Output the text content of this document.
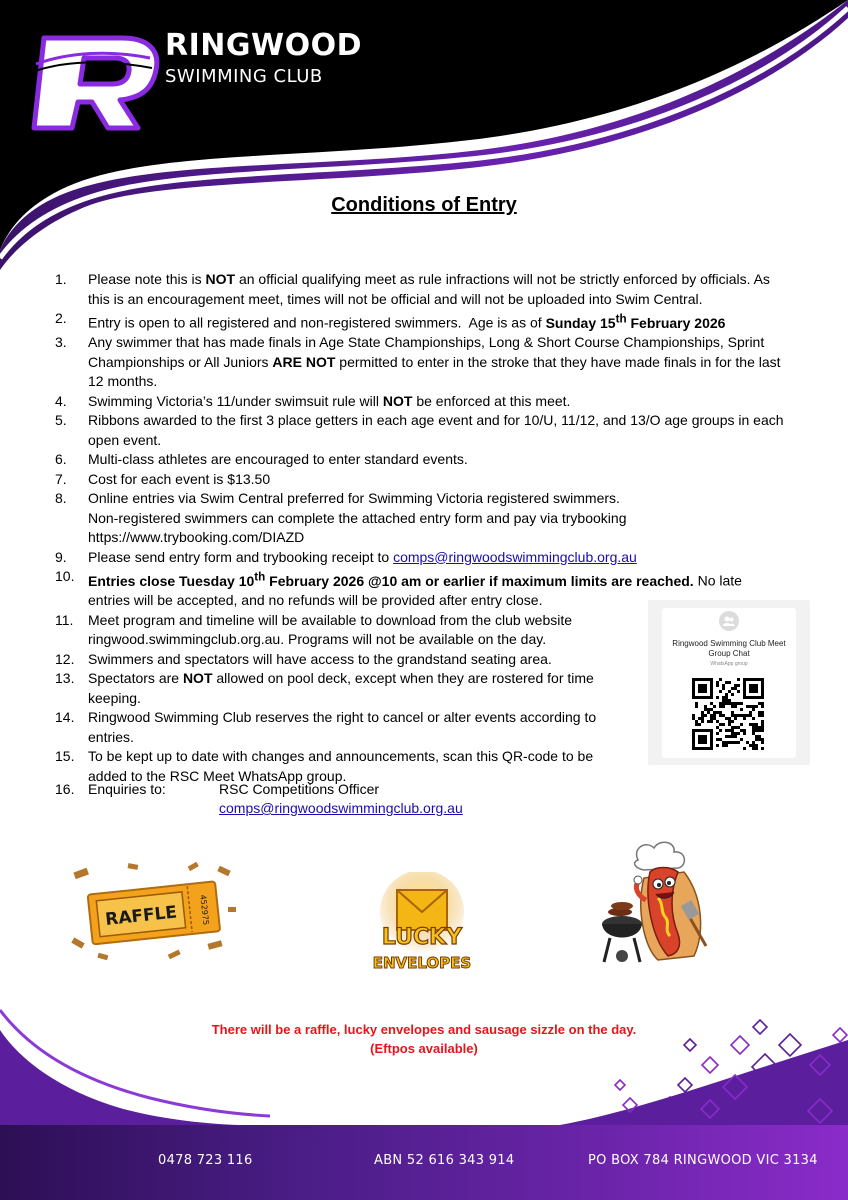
RINGWOOD
SWIMMING CLUB
Conditions of Entry
1. Please note this is NOT an official qualifying meet as rule infractions will not be strictly enforced by officials. As this is an encouragement meet, times will not be official and will not be uploaded into Swim Central.
2. Entry is open to all registered and non-registered swimmers.  Age is as of Sunday 15th February 2026
3. Any swimmer that has made finals in Age State Championships, Long & Short Course Championships, Sprint Championships or All Juniors ARE NOT permitted to enter in the stroke that they have made finals in for the last 12 months.
4. Swimming Victoria’s 11/under swimsuit rule will NOT be enforced at this meet.
5. Ribbons awarded to the first 3 place getters in each age event and for 10/U, 11/12, and 13/O age groups in each open event.
6. Multi-class athletes are encouraged to enter standard events.
7. Cost for each event is $13.50
8. Online entries via Swim Central preferred for Swimming Victoria registered swimmers.
Non-registered swimmers can complete the attached entry form and pay via trybooking
https://www.trybooking.com/DIAZD
9. Please send entry form and trybooking receipt to comps@ringwoodswimmingclub.org.au
10. Entries close Tuesday 10th February 2026 @10 am or earlier if maximum limits are reached. No late entries will be accepted, and no refunds will be provided after entry close.
11. Meet program and timeline will be available to download from the club website ringwood.swimmingclub.org.au. Programs will not be available on the day.
12. Swimmers and spectators will have access to the grandstand seating area.
13. Spectators are NOT allowed on pool deck, except when they are rostered for time keeping.
14. Ringwood Swimming Club reserves the right to cancel or alter events according to entries.
15. To be kept up to date with changes and announcements, scan this QR-code to be added to the RSC Meet WhatsApp group.
16. Enquiries to:	RSC Competitions Officer
comps@ringwoodswimmingclub.org.au
Ringwood Swimming Club Meet Group Chat
WhatsApp group
RAFFLE	452975
LUCKY
ENVELOPES
There will be a raffle, lucky envelopes and sausage sizzle on the day.
(Eftpos available)
0478 723 116	ABN 52 616 343 914	PO BOX 784 RINGWOOD VIC 3134
